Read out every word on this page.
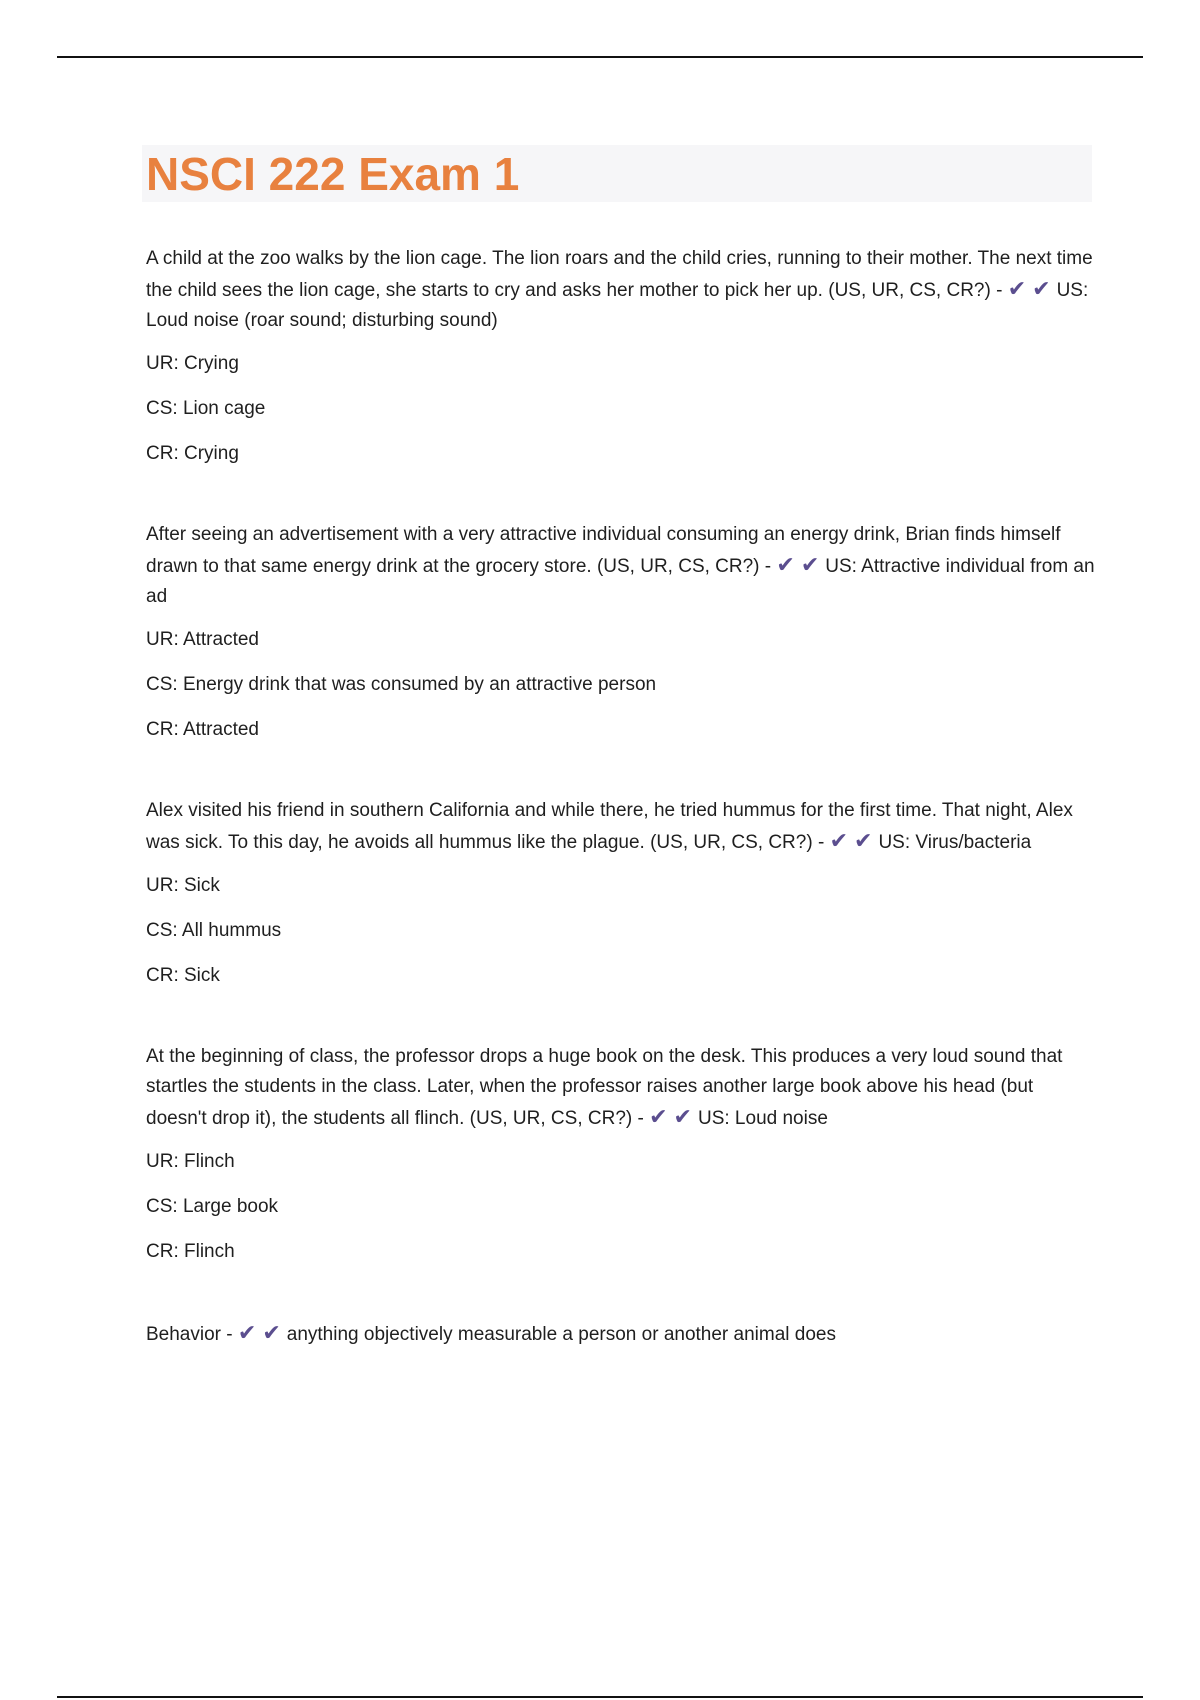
NSCI 222 Exam 1

A child at the zoo walks by the lion cage. The lion roars and the child cries, running to their mother. The next time the child sees the lion cage, she starts to cry and asks her mother to pick her up. (US, UR, CS, CR?) - ✔ ✔ US: Loud noise (roar sound; disturbing sound)

UR: Crying

CS: Lion cage

CR: Crying

After seeing an advertisement with a very attractive individual consuming an energy drink, Brian finds himself drawn to that same energy drink at the grocery store. (US, UR, CS, CR?) - ✔ ✔ US: Attractive individual from an ad

UR: Attracted

CS: Energy drink that was consumed by an attractive person

CR: Attracted

Alex visited his friend in southern California and while there, he tried hummus for the first time. That night, Alex was sick. To this day, he avoids all hummus like the plague. (US, UR, CS, CR?) - ✔ ✔ US: Virus/bacteria

UR: Sick

CS: All hummus

CR: Sick

At the beginning of class, the professor drops a huge book on the desk. This produces a very loud sound that startles the students in the class. Later, when the professor raises another large book above his head (but doesn't drop it), the students all flinch. (US, UR, CS, CR?) - ✔ ✔ US: Loud noise

UR: Flinch

CS: Large book

CR: Flinch

Behavior - ✔ ✔ anything objectively measurable a person or another animal does
